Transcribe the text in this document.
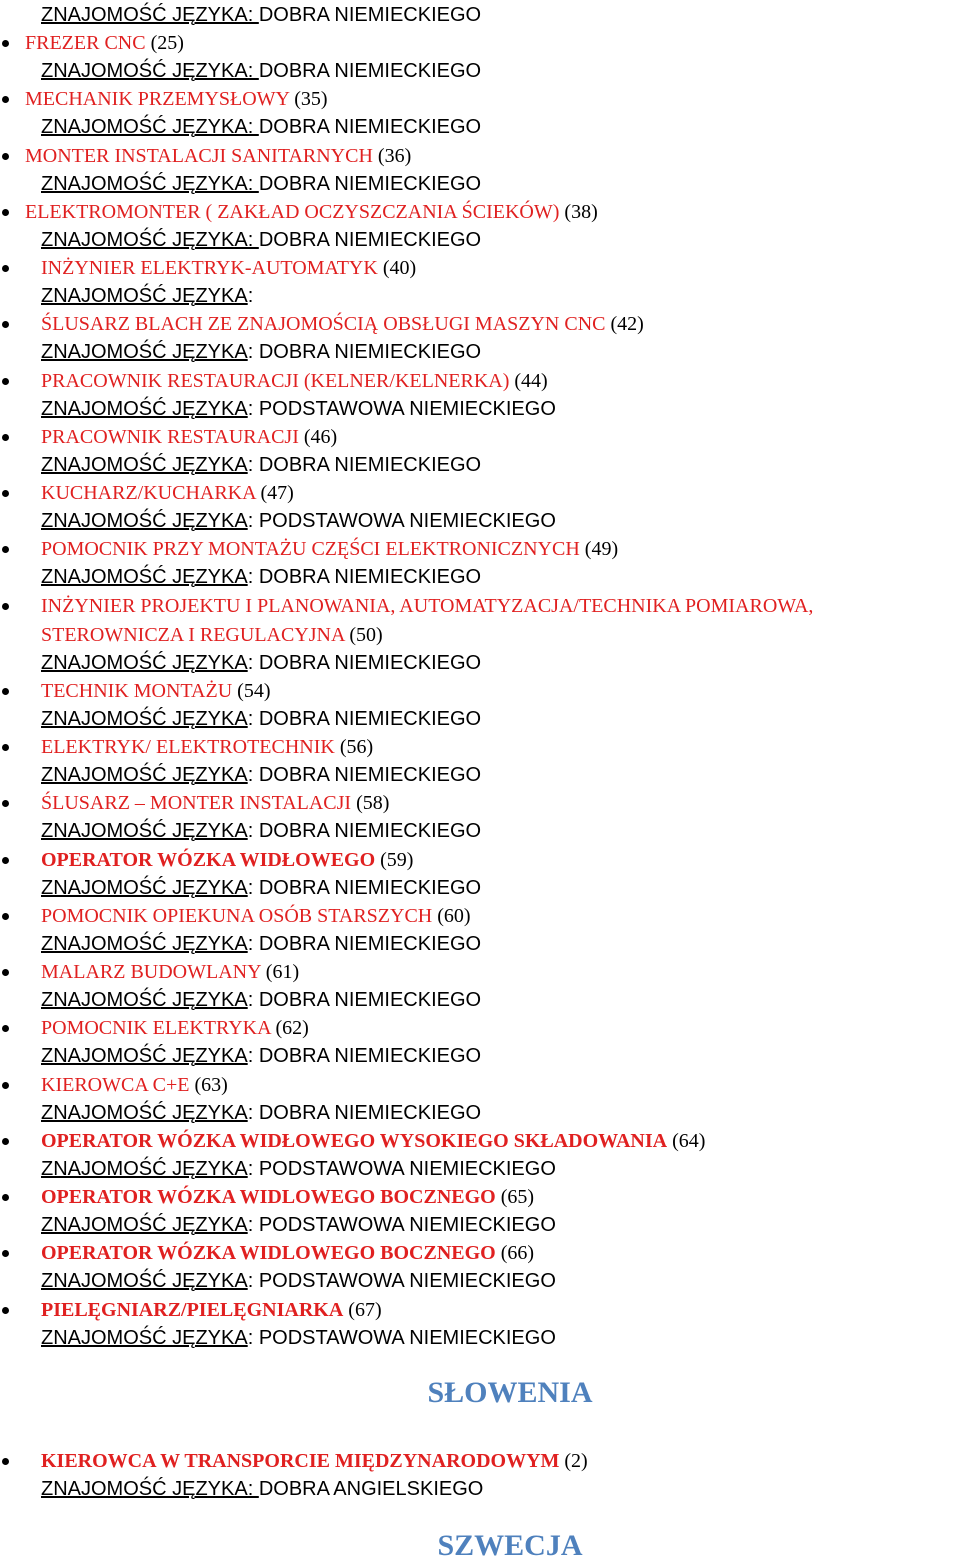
ZNAJOMOŚĆ JĘZYKA: DOBRA NIEMIECKIEGO
FREZER CNC (25)
ZNAJOMOŚĆ JĘZYKA: DOBRA NIEMIECKIEGO
MECHANIK PRZEMYSŁOWY (35)
ZNAJOMOŚĆ JĘZYKA: DOBRA NIEMIECKIEGO
MONTER INSTALACJI SANITARNYCH (36)
ZNAJOMOŚĆ JĘZYKA: DOBRA NIEMIECKIEGO
ELEKTROMONTER ( ZAKŁAD OCZYSZCZANIA ŚCIEKÓW) (38)
ZNAJOMOŚĆ JĘZYKA: DOBRA NIEMIECKIEGO
INŻYNIER ELEKTRYK-AUTOMATYK (40)
ZNAJOMOŚĆ JĘZYKA:
ŚLUSARZ BLACH ZE ZNAJOMOŚCIĄ OBSŁUGI MASZYN CNC (42)
ZNAJOMOŚĆ JĘZYKA: DOBRA NIEMIECKIEGO
PRACOWNIK RESTAURACJI (KELNER/KELNERKA) (44)
ZNAJOMOŚĆ JĘZYKA: PODSTAWOWA NIEMIECKIEGO
PRACOWNIK RESTAURACJI (46)
ZNAJOMOŚĆ JĘZYKA: DOBRA NIEMIECKIEGO
KUCHARZ/KUCHARKA (47)
ZNAJOMOŚĆ JĘZYKA: PODSTAWOWA NIEMIECKIEGO
POMOCNIK PRZY MONTAŻU CZĘŚCI ELEKTRONICZNYCH (49)
ZNAJOMOŚĆ JĘZYKA: DOBRA NIEMIECKIEGO
INŻYNIER PROJEKTU I PLANOWANIA, AUTOMATYZACJA/TECHNIKA POMIAROWA,
STEROWNICZA I REGULACYJNA (50)
ZNAJOMOŚĆ JĘZYKA: DOBRA NIEMIECKIEGO
TECHNIK MONTAŻU (54)
ZNAJOMOŚĆ JĘZYKA: DOBRA NIEMIECKIEGO
ELEKTRYK/ ELEKTROTECHNIK (56)
ZNAJOMOŚĆ JĘZYKA: DOBRA NIEMIECKIEGO
ŚLUSARZ – MONTER INSTALACJI (58)
ZNAJOMOŚĆ JĘZYKA: DOBRA NIEMIECKIEGO
OPERATOR WÓZKA WIDŁOWEGO (59)
ZNAJOMOŚĆ JĘZYKA: DOBRA NIEMIECKIEGO
POMOCNIK OPIEKUNA OSÓB STARSZYCH (60)
ZNAJOMOŚĆ JĘZYKA: DOBRA NIEMIECKIEGO
MALARZ BUDOWLANY (61)
ZNAJOMOŚĆ JĘZYKA: DOBRA NIEMIECKIEGO
POMOCNIK ELEKTRYKA (62)
ZNAJOMOŚĆ JĘZYKA: DOBRA NIEMIECKIEGO
KIEROWCA C+E (63)
ZNAJOMOŚĆ JĘZYKA: DOBRA NIEMIECKIEGO
OPERATOR WÓZKA WIDŁOWEGO WYSOKIEGO SKŁADOWANIA (64)
ZNAJOMOŚĆ JĘZYKA: PODSTAWOWA NIEMIECKIEGO
OPERATOR WÓZKA WIDLOWEGO BOCZNEGO (65)
ZNAJOMOŚĆ JĘZYKA: PODSTAWOWA NIEMIECKIEGO
OPERATOR WÓZKA WIDLOWEGO BOCZNEGO (66)
ZNAJOMOŚĆ JĘZYKA: PODSTAWOWA NIEMIECKIEGO
PIELĘGNIARZ/PIELĘGNIARKA (67)
ZNAJOMOŚĆ JĘZYKA: PODSTAWOWA NIEMIECKIEGO
SŁOWENIA
KIEROWCA W TRANSPORCIE MIĘDZYNARODOWYM (2)
ZNAJOMOŚĆ JĘZYKA: DOBRA ANGIELSKIEGO
SZWECJA
